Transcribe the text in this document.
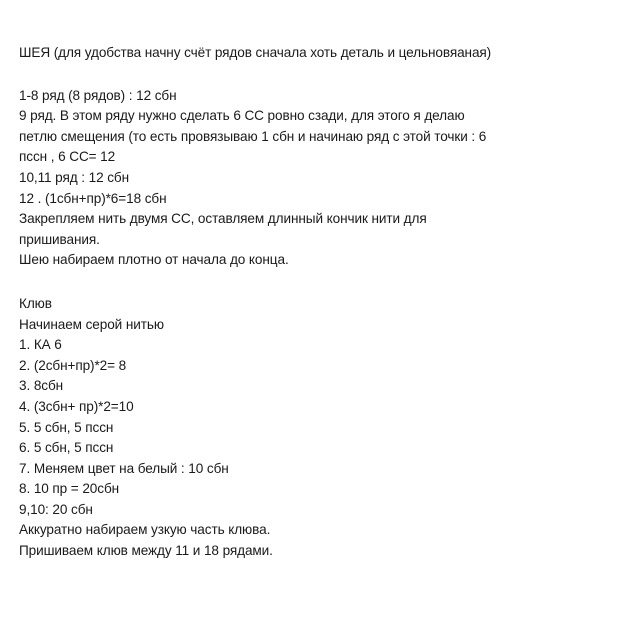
ШЕЯ (для удобства начну счёт рядов сначала хоть деталь и цельновяаная)
1-8 ряд (8 рядов) : 12 сбн
9 ряд. В этом ряду нужно сделать 6 СС ровно сзади, для этого я делаю
петлю смещения (то есть провязываю 1 сбн и начинаю ряд с этой точки : 6
пссн , 6 СС= 12
10,11 ряд : 12 сбн
12 . (1сбн+пр)*6=18 сбн
Закрепляем нить двумя СС, оставляем длинный кончик нити для
пришивания.
Шею набираем плотно от начала до конца.
Клюв
Начинаем серой нитью
1. КА 6
2. (2сбн+пр)*2= 8
3. 8сбн
4. (3сбн+ пр)*2=10
5. 5 сбн, 5 пссн
6. 5 сбн, 5 пссн
7. Меняем цвет на белый : 10 сбн
8. 10 пр = 20сбн
9,10: 20 сбн
Аккуратно набираем узкую часть клюва.
Пришиваем клюв между 11 и 18 рядами.
